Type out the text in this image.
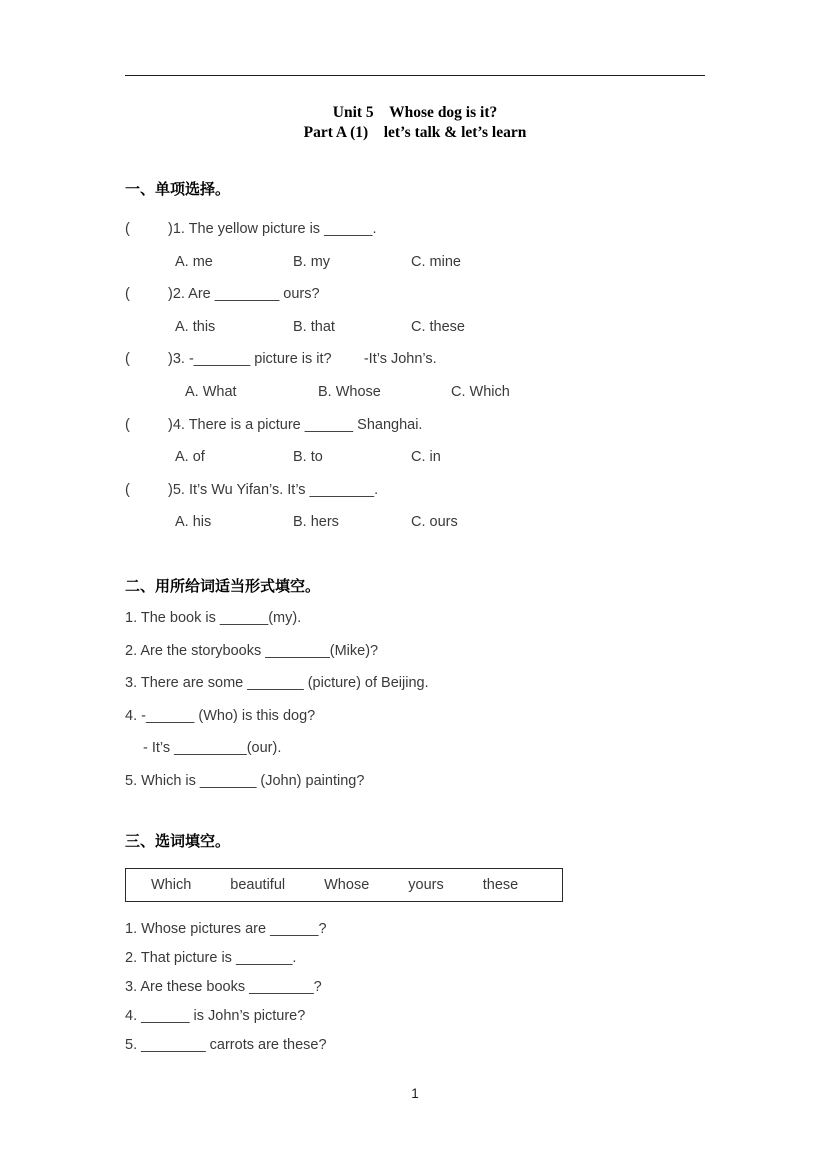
Unit 5　Whose dog is it?
Part A (1)　let’s talk & let’s learn
一、单项选择。
(	)1. The yellow picture is ______.
A. me	B. my	C. mine
(	)2. Are ________ ours?
A. this	B. that	C. these
(	)3. -_______ picture is it?        -It’s John’s.
A. What	B. Whose	C. Which
(	)4. There is a picture ______ Shanghai.
A. of	B. to	C. in
(	)5. It’s Wu Yifan’s. It’s ________.
A. his	B. hers	C. ours
二、用所给词适当形式填空。
1. The book is ______(my).
2. Are the storybooks ________(Mike)?
3. There are some _______ (picture) of Beijing.
4. -______ (Who) is this dog?
- It’s _________(our).
5. Which is _______ (John) painting?
三、选词填空。
Which	beautiful	Whose	yours	these
1. Whose pictures are ______?
2. That picture is _______.
3. Are these books ________?
4. ______ is John’s picture?
5. ________ carrots are these?
1
